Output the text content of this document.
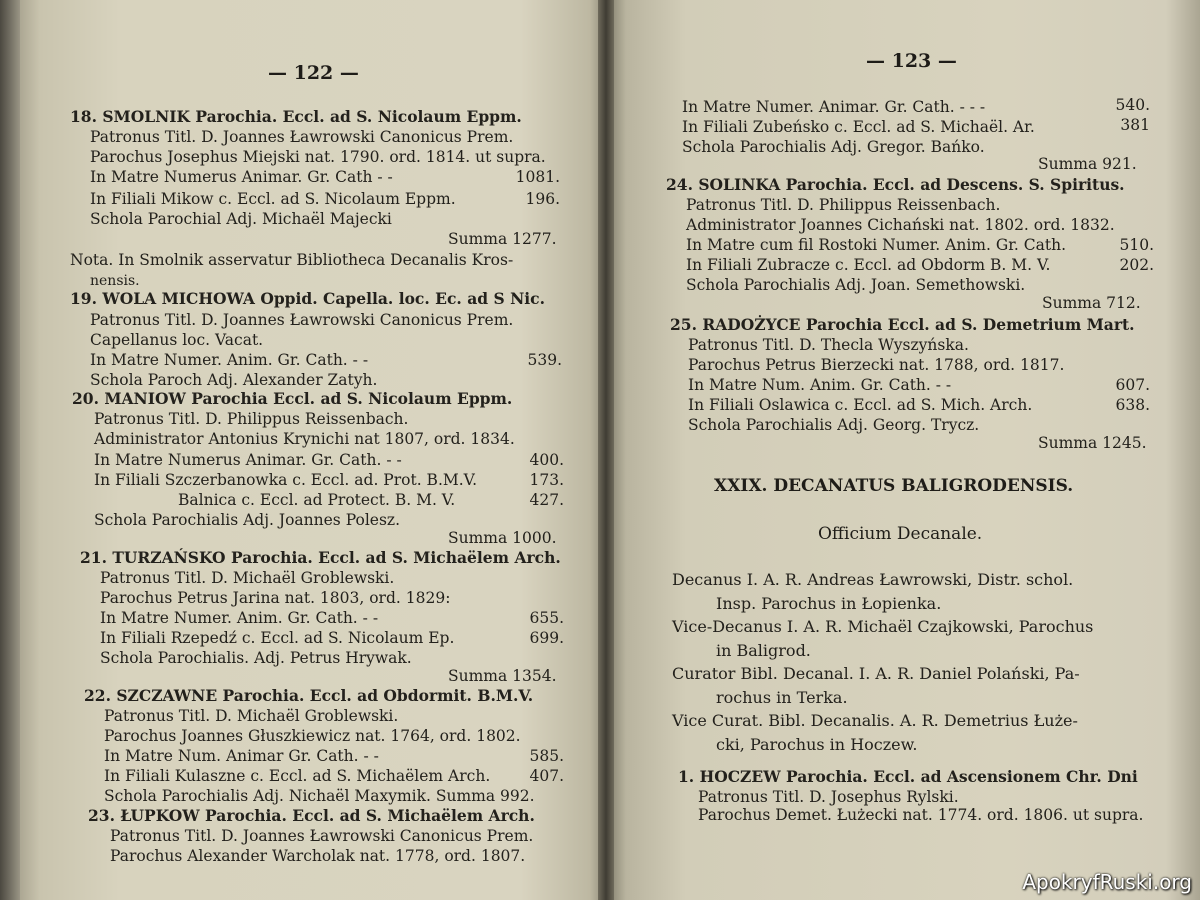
— 122 —
18. SMOLNIK Parochia. Eccl. ad S. Nicolaum Eppm.
Patronus Titl. D. Joannes Ławrowski Canonicus Prem.
Parochus Josephus Miejski nat. 1790. ord. 1814. ut supra.
In Matre Numerus Animar. Gr. Cath - -	1081.
In Filiali Mikow c. Eccl. ad S. Nicolaum Eppm.	196.
Schola Parochial Adj. Michaël Majecki
Summa 1277.
Nota. In Smolnik asservatur Bibliotheca Decanalis Kros-
nensis.
19. WOLA MICHOWA Oppid. Capella. loc. Ec. ad S Nic.
Patronus Titl. D. Joannes Ławrowski Canonicus Prem.
Capellanus loc. Vacat.
In Matre Numer. Anim. Gr. Cath. - -	539.
Schola Paroch Adj. Alexander Zatyh.
20. MANIOW Parochia Eccl. ad S. Nicolaum Eppm.
Patronus Titl. D. Philippus Reissenbach.
Administrator Antonius Krynichi nat 1807, ord. 1834.
In Matre Numerus Animar. Gr. Cath. - -	400.
In Filiali Szczerbanowka c. Eccl. ad. Prot. B.M.V.	173.
Balnica c. Eccl. ad Protect. B. M. V.	427.
Schola Parochialis Adj. Joannes Polesz.
Summa 1000.
21. TURZAŃSKO Parochia. Eccl. ad S. Michaëlem Arch.
Patronus Titl. D. Michaël Groblewski.
Parochus Petrus Jarina nat. 1803, ord. 1829:
In Matre Numer. Anim. Gr. Cath. - -	655.
In Filiali Rzepedź c. Eccl. ad S. Nicolaum Ep.	699.
Schola Parochialis. Adj. Petrus Hrywak.
Summa 1354.
22. SZCZAWNE Parochia. Eccl. ad Obdormit. B.M.V.
Patronus Titl. D. Michaël Groblewski.
Parochus Joannes Głuszkiewicz nat. 1764, ord. 1802.
In Matre Num. Animar Gr. Cath. - -	585.
In Filiali Kulaszne c. Eccl. ad S. Michaëlem Arch.	407.
Schola Parochialis Adj. Nichaël Maxymik. Summa 992.
23. ŁUPKOW Parochia. Eccl. ad S. Michaëlem Arch.
Patronus Titl. D. Joannes Ławrowski Canonicus Prem.
Parochus Alexander Warcholak nat. 1778, ord. 1807.
— 123 —
In Matre Numer. Animar. Gr. Cath. - - -	540.
In Filiali Zubeńsko c. Eccl. ad S. Michaël. Ar.	381
Schola Parochialis Adj. Gregor. Bańko.
Summa 921.
24. SOLINKA Parochia. Eccl. ad Descens. S. Spiritus.
Patronus Titl. D. Philippus Reissenbach.
Administrator Joannes Cichański nat. 1802. ord. 1832.
In Matre cum fil Rostoki Numer. Anim. Gr. Cath.	510.
In Filiali Zubracze c. Eccl. ad Obdorm B. M. V.	202.
Schola Parochialis Adj. Joan. Semethowski.
Summa 712.
25. RADOŻYCE Parochia Eccl. ad S. Demetrium Mart.
Patronus Titl. D. Thecla Wyszyńska.
Parochus Petrus Bierzecki nat. 1788, ord. 1817.
In Matre Num. Anim. Gr. Cath. - -	607.
In Filiali Oslawica c. Eccl. ad S. Mich. Arch.	638.
Schola Parochialis Adj. Georg. Trycz.
Summa 1245.
XXIX. DECANATUS BALIGRODENSIS.
Officium Decanale.
Decanus I. A. R. Andreas Ławrowski, Distr. schol.
Insp. Parochus in Łopienka.
Vice-Decanus I. A. R. Michaël Czajkowski, Parochus
in Baligrod.
Curator Bibl. Decanal. I. A. R. Daniel Polański, Pa-
rochus in Terka.
Vice Curat. Bibl. Decanalis. A. R. Demetrius Łuże-
cki, Parochus in Hoczew.
1. HOCZEW Parochia. Eccl. ad Ascensionem Chr. Dni
Patronus Titl. D. Josephus Rylski.
Parochus Demet. Łużecki nat. 1774. ord. 1806. ut supra.
ApokryfRuski.org
